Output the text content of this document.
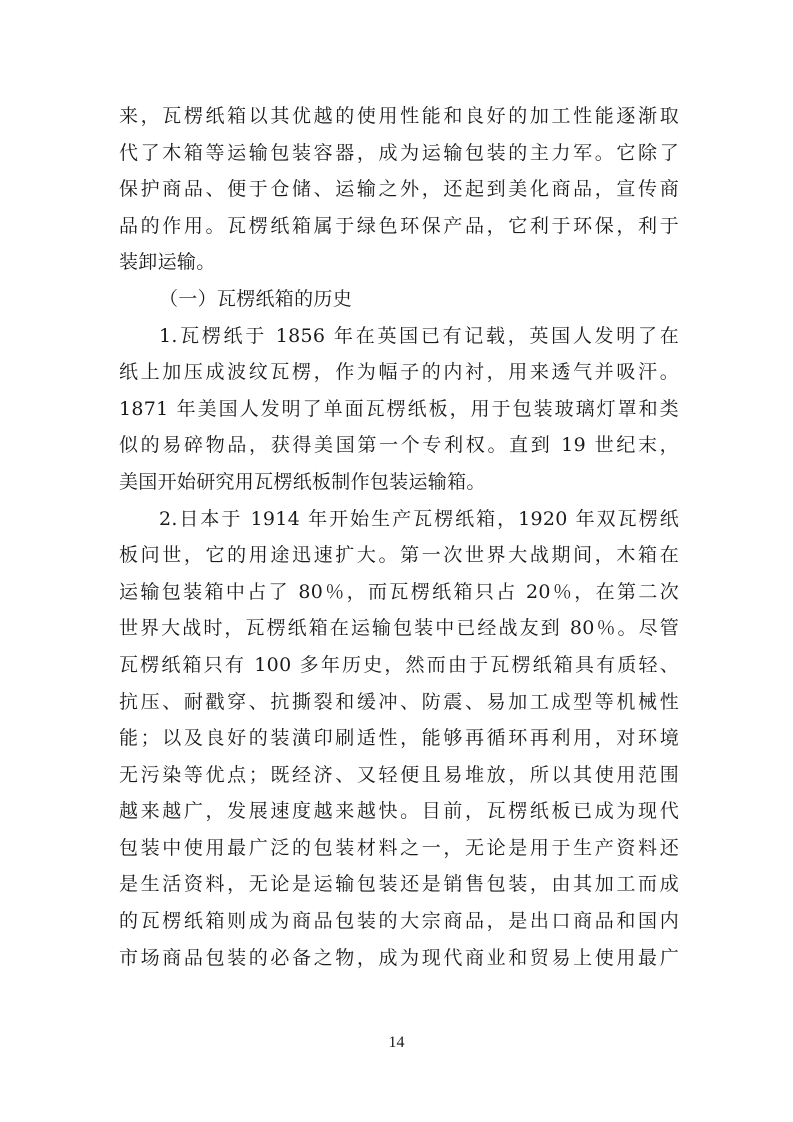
来，瓦楞纸箱以其优越的使用性能和良好的加工性能逐渐取
代了木箱等运输包装容器，成为运输包装的主力军。它除了
保护商品、便于仓储、运输之外，还起到美化商品，宣传商
品的作用。瓦楞纸箱属于绿色环保产品，它利于环保，利于
装卸运输。
（一）瓦楞纸箱的历史
1.瓦楞纸于 1856 年在英国已有记载，英国人发明了在
纸上加压成波纹瓦楞，作为幅子的内衬，用来透气并吸汗。
1871 年美国人发明了单面瓦楞纸板，用于包装玻璃灯罩和类
似的易碎物品，获得美国第一个专利权。直到 19 世纪末，
美国开始研究用瓦楞纸板制作包装运输箱。
2.日本于 1914 年开始生产瓦楞纸箱，1920 年双瓦楞纸
板问世，它的用途迅速扩大。第一次世界大战期间，木箱在
运输包装箱中占了 80％，而瓦楞纸箱只占 20％，在第二次
世界大战时，瓦楞纸箱在运输包装中已经战友到 80％。尽管
瓦楞纸箱只有 100 多年历史，然而由于瓦楞纸箱具有质轻、
抗压、耐戳穿、抗撕裂和缓冲、防震、易加工成型等机械性
能；以及良好的装潢印刷适性，能够再循环再利用，对环境
无污染等优点；既经济、又轻便且易堆放，所以其使用范围
越来越广，发展速度越来越快。目前，瓦楞纸板已成为现代
包装中使用最广泛的包装材料之一，无论是用于生产资料还
是生活资料，无论是运输包装还是销售包装，由其加工而成
的瓦楞纸箱则成为商品包装的大宗商品，是出口商品和国内
市场商品包装的必备之物，成为现代商业和贸易上使用最广
14
